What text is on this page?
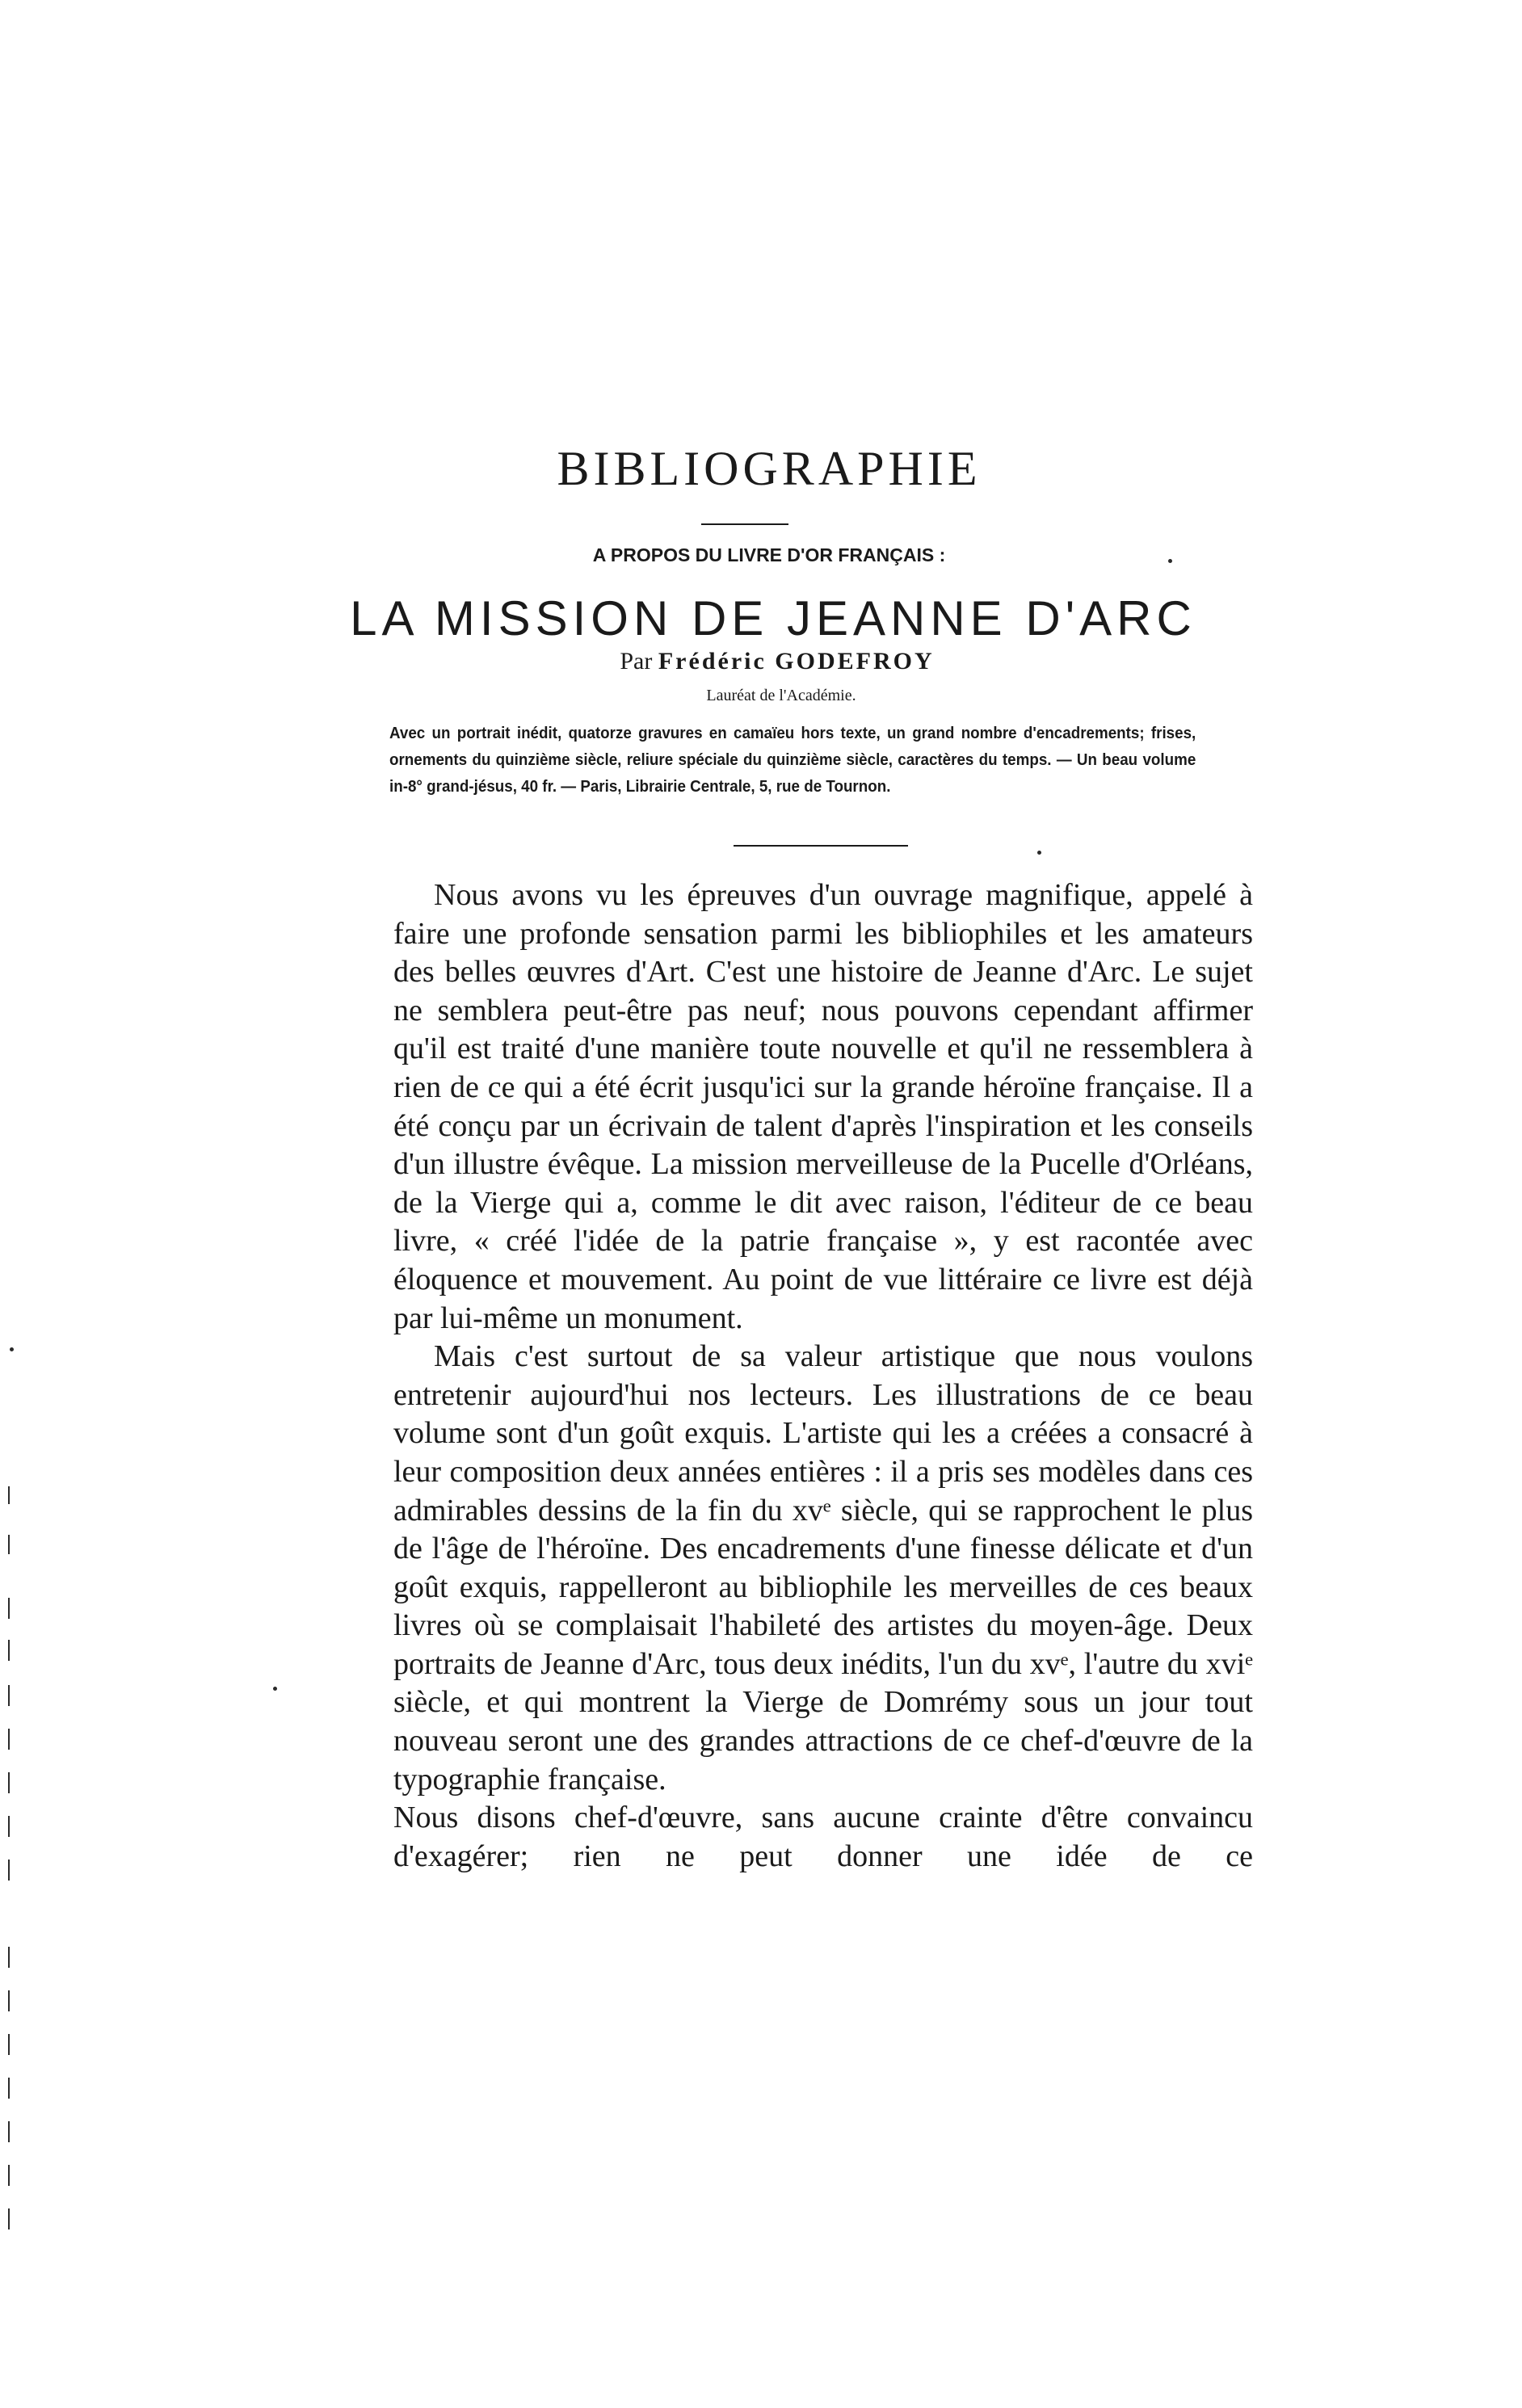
BIBLIOGRAPHIE
A PROPOS DU LIVRE D'OR FRANÇAIS :
LA MISSION DE JEANNE D'ARC
Par Frédéric GODEFROY
Lauréat de l'Académie.
Avec un portrait inédit, quatorze gravures en camaïeu hors texte, un grand nombre d'encadrements; frises, ornements du quinzième siècle, reliure spéciale du quinzième siècle, caractères du temps. — Un beau volume in-8° grand-jésus, 40 fr. — Paris, Librairie Centrale, 5, rue de Tournon.

Nous avons vu les épreuves d'un ouvrage magnifique, appelé à faire une profonde sensation parmi les bibliophiles et les amateurs des belles œuvres d'Art. C'est une histoire de Jeanne d'Arc. Le sujet ne semblera peut-être pas neuf; nous pouvons cependant affirmer qu'il est traité d'une manière toute nouvelle et qu'il ne ressemblera à rien de ce qui a été écrit jusqu'ici sur la grande héroïne française. Il a été conçu par un écrivain de talent d'après l'inspiration et les conseils d'un illustre évêque. La mission merveilleuse de la Pucelle d'Orléans, de la Vierge qui a, comme le dit avec raison, l'éditeur de ce beau livre, « créé l'idée de la patrie française », y est racontée avec éloquence et mouvement. Au point de vue littéraire ce livre est déjà par lui-même un monument.

Mais c'est surtout de sa valeur artistique que nous voulons entretenir aujourd'hui nos lecteurs. Les illustrations de ce beau volume sont d'un goût exquis. L'artiste qui les a créées a consacré à leur composition deux années entières : il a pris ses modèles dans ces admirables dessins de la fin du xvᵉ siècle, qui se rapprochent le plus de l'âge de l'héroïne. Des encadrements d'une finesse délicate et d'un goût exquis, rappelleront au bibliophile les merveilles de ces beaux livres où se complaisait l'habileté des artistes du moyen-âge. Deux portraits de Jeanne d'Arc, tous deux inédits, l'un du xvᵉ, l'autre du xviᵉ siècle, et qui montrent la Vierge de Domrémy sous un jour tout nouveau seront une des grandes attractions de ce chef-d'œuvre de la typographie française.

Nous disons chef-d'œuvre, sans aucune crainte d'être convaincu d'exagérer; rien ne peut donner une idée de ce
